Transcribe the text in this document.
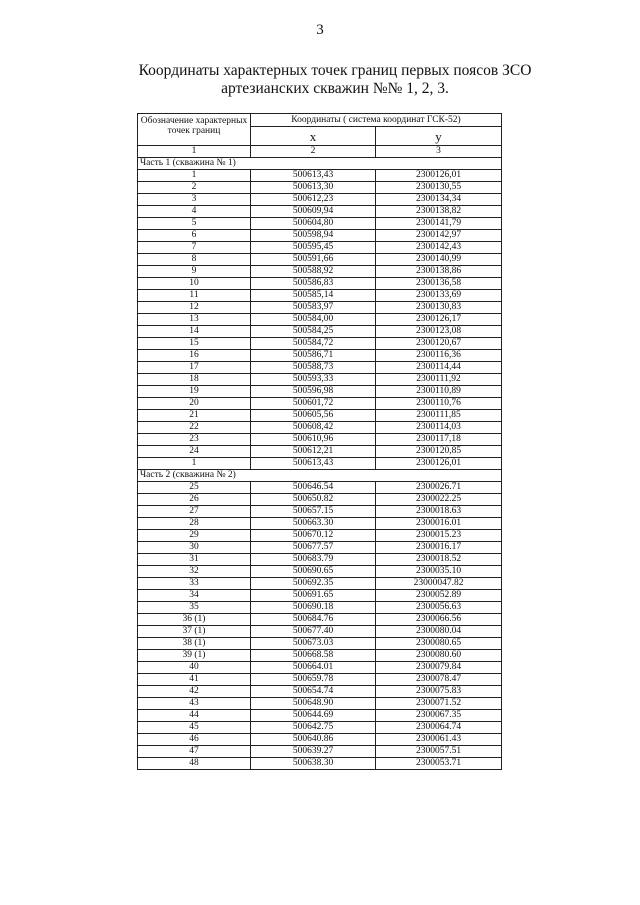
3
Координаты характерных точек границ первых поясов ЗСО
артезианских скважин №№ 1, 2, 3.
Обозначение характерных точек границ	Координаты ( система координат ГСК-52)	
	x	y
1	2	3
Часть 1 (скважина № 1)		
1	500613,43	2300126,01
2	500613,30	2300130,55
3	500612,23	2300134,34
4	500609,94	2300138,82
5	500604,80	2300141,79
6	500598,94	2300142,97
7	500595,45	2300142,43
8	500591,66	2300140,99
9	500588,92	2300138,86
10	500586,83	2300136,58
11	500585,14	2300133,69
12	500583,97	2300130,83
13	500584,00	2300126,17
14	500584,25	2300123,08
15	500584,72	2300120,67
16	500586,71	2300116,36
17	500588,73	2300114,44
18	500593,33	2300111,92
19	500596,98	2300110,89
20	500601,72	2300110,76
21	500605,56	2300111,85
22	500608,42	2300114,03
23	500610,96	2300117,18
24	500612,21	2300120,85
1	500613,43	2300126,01
Часть 2 (скважина № 2)		
25	500646.54	2300026.71
26	500650.82	2300022.25
27	500657.15	2300018.63
28	500663.30	2300016.01
29	500670.12	2300015.23
30	500677.57	2300016.17
31	500683.79	2300018.52
32	500690.65	2300035.10
33	500692.35	23000047.82
34	500691.65	2300052.89
35	500690.18	2300056.63
36 (1)	500684.76	2300066.56
37 (1)	500677.40	2300080.04
38 (1)	500673.03	2300080.65
39 (1)	500668.58	2300080.60
40	500664.01	2300079.84
41	500659.78	2300078.47
42	500654.74	2300075.83
43	500648.90	2300071.52
44	500644.69	2300067.35
45	500642.75	2300064.74
46	500640.86	2300061.43
47	500639.27	2300057.51
48	500638.30	2300053.71
